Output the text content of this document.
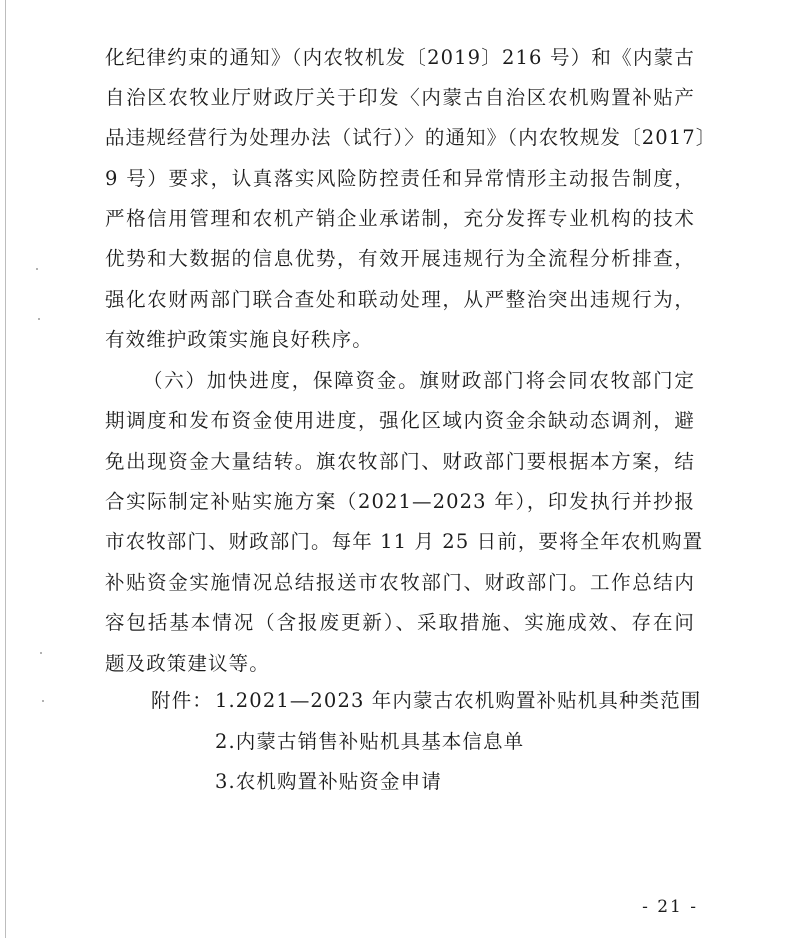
化纪律约束的通知》（内农牧机发〔2019〕216 号）和《内蒙古
自治区农牧业厅财政厅关于印发〈内蒙古自治区农机购置补贴产
品违规经营行为处理办法（试行）〉的通知》（内农牧规发〔2017〕
9 号）要求，认真落实风险防控责任和异常情形主动报告制度，
严格信用管理和农机产销企业承诺制，充分发挥专业机构的技术
优势和大数据的信息优势，有效开展违规行为全流程分析排查，
强化农财两部门联合查处和联动处理，从严整治突出违规行为，
有效维护政策实施良好秩序。
（六）加快进度，保障资金。旗财政部门将会同农牧部门定
期调度和发布资金使用进度，强化区域内资金余缺动态调剂，避
免出现资金大量结转。旗农牧部门、财政部门要根据本方案，结
合实际制定补贴实施方案（2021—2023 年），印发执行并抄报
市农牧部门、财政部门。每年 11 月 25 日前，要将全年农机购置
补贴资金实施情况总结报送市农牧部门、财政部门。工作总结内
容包括基本情况（含报废更新）、采取措施、实施成效、存在问
题及政策建议等。
附件： 1.2021—2023 年内蒙古农机购置补贴机具种类范围
2.内蒙古销售补贴机具基本信息单
3.农机购置补贴资金申请
- 21 -
